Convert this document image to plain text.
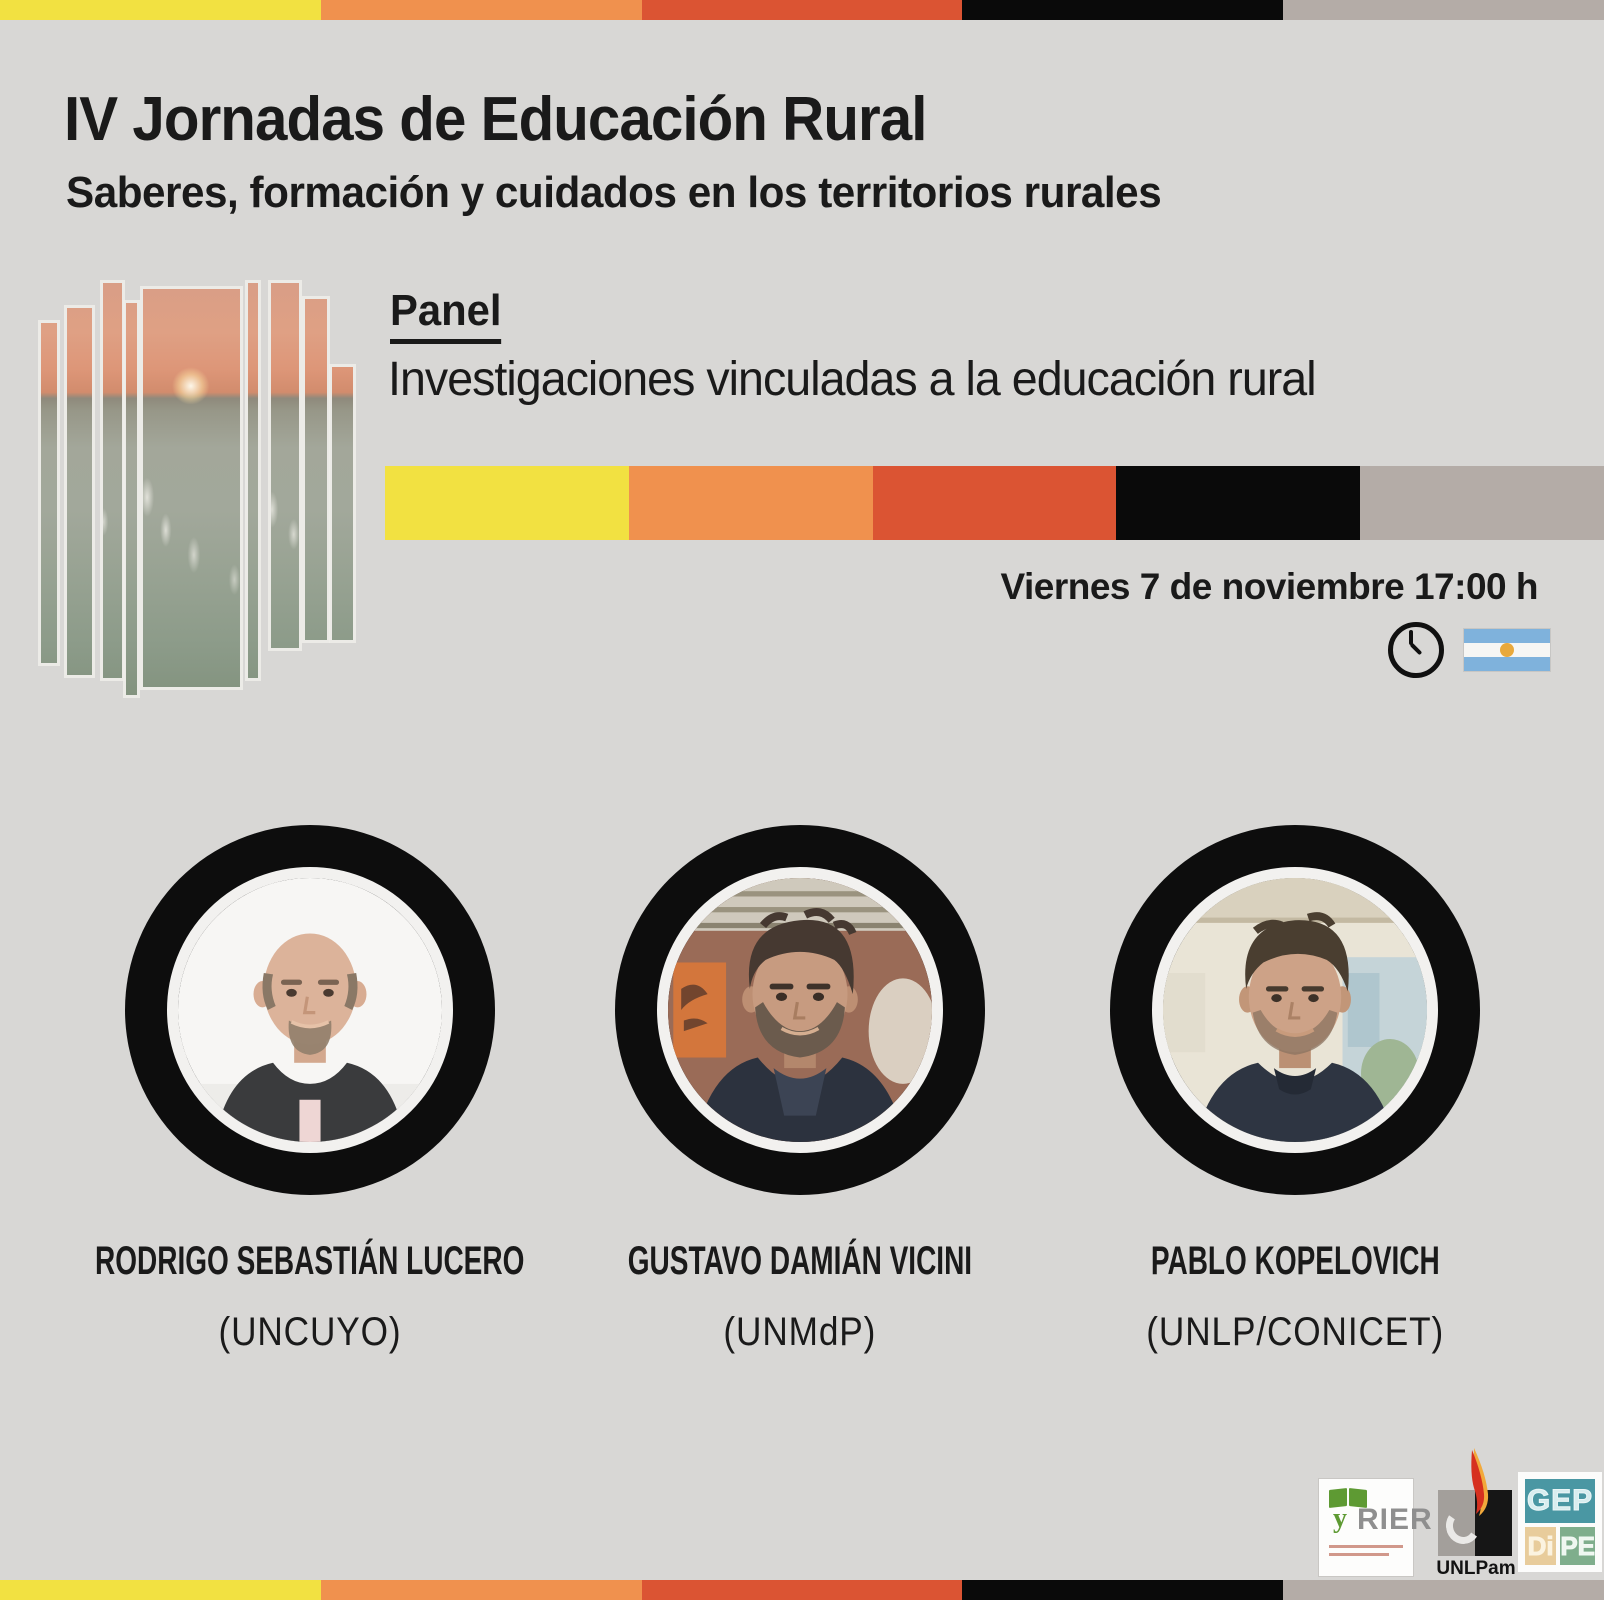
IV Jornadas de Educación Rural
Saberes, formación y cuidados en los territorios rurales
Panel
Investigaciones vinculadas a la educación rural
Viernes 7 de noviembre 17:00 h
RODRIGO SEBASTIÁN LUCERO
(UNCUYO)
GUSTAVO DAMIÁN VICINI
(UNMdP)
PABLO KOPELOVICH
(UNLP/CONICET)
y RIER
UNLPam
GEP
Di PE
